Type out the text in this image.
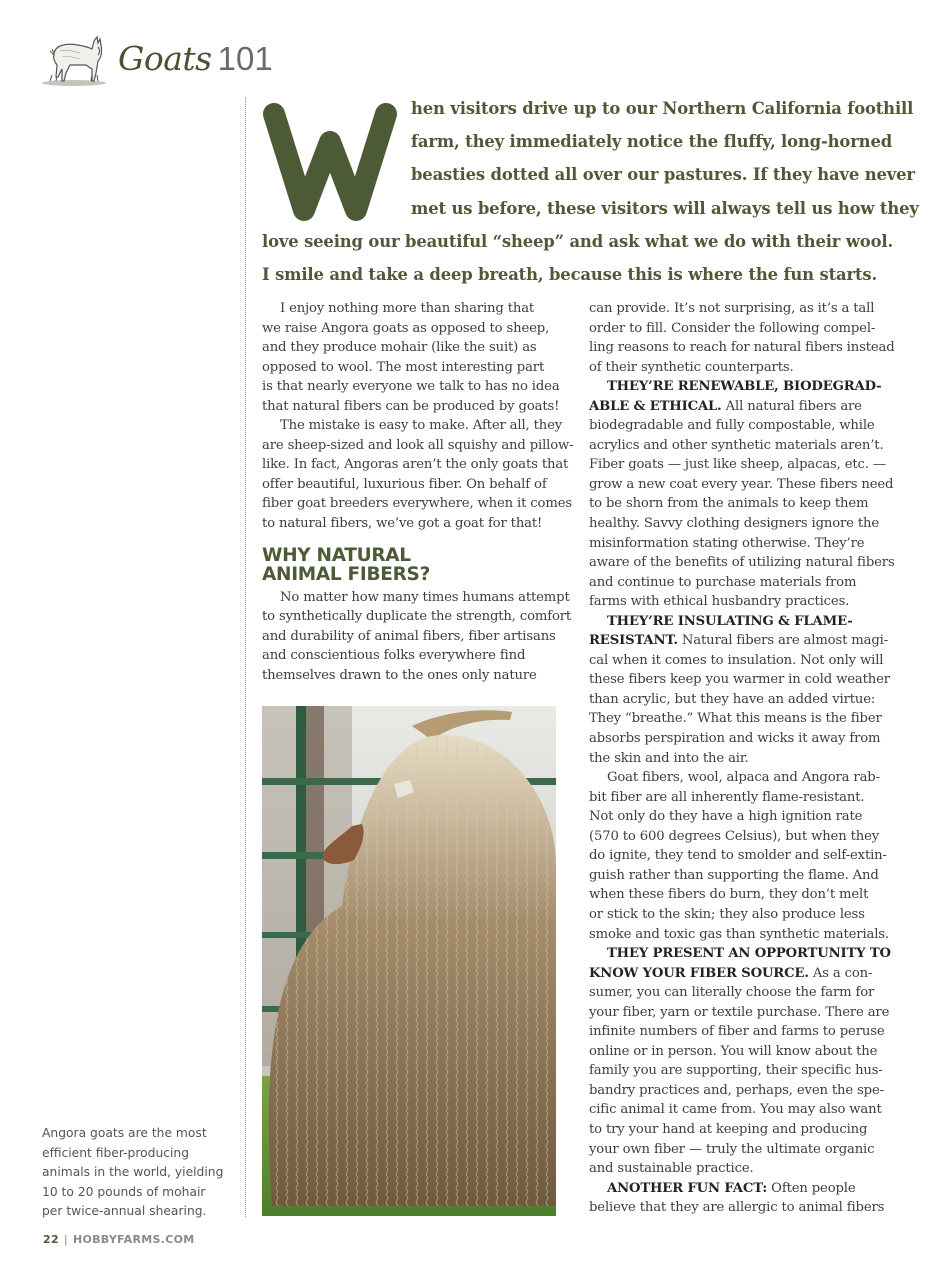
Goats 101
hen visitors drive up to our Northern California foothill
farm, they immediately notice the fluffy, long-horned
beasties dotted all over our pastures. If they have never
met us before, these visitors will always tell us how they
love seeing our beautiful “sheep” and ask what we do with their wool.
I smile and take a deep breath, because this is where the fun starts.
I enjoy nothing more than sharing that
we raise Angora goats as opposed to sheep,
and they produce mohair (like the suit) as
opposed to wool. The most interesting part
is that nearly everyone we talk to has no idea
that natural fibers can be produced by goats!
The mistake is easy to make. After all, they
are sheep-sized and look all squishy and pillow-
like. In fact, Angoras aren’t the only goats that
offer beautiful, luxurious fiber. On behalf of
fiber goat breeders everywhere, when it comes
to natural fibers, we’ve got a goat for that!
WHY NATURAL
ANIMAL FIBERS?
No matter how many times humans attempt
to synthetically duplicate the strength, comfort
and durability of animal fibers, fiber artisans
and conscientious folks everywhere find
themselves drawn to the ones only nature
can provide. It’s not surprising, as it’s a tall
order to fill. Consider the following compel-
ling reasons to reach for natural fibers instead
of their synthetic counterparts.
THEY’RE RENEWABLE, BIODEGRAD-
ABLE & ETHICAL. All natural fibers are
biodegradable and fully compostable, while
acrylics and other synthetic materials aren’t.
Fiber goats — just like sheep, alpacas, etc. —
grow a new coat every year. These fibers need
to be shorn from the animals to keep them
healthy. Savvy clothing designers ignore the
misinformation stating otherwise. They’re
aware of the benefits of utilizing natural fibers
and continue to purchase materials from
farms with ethical husbandry practices.
THEY’RE INSULATING & FLAME-
RESISTANT. Natural fibers are almost magi-
cal when it comes to insulation. Not only will
these fibers keep you warmer in cold weather
than acrylic, but they have an added virtue:
They “breathe.” What this means is the fiber
absorbs perspiration and wicks it away from
the skin and into the air.
Goat fibers, wool, alpaca and Angora rab-
bit fiber are all inherently flame-resistant.
Not only do they have a high ignition rate
(570 to 600 degrees Celsius), but when they
do ignite, they tend to smolder and self-extin-
guish rather than supporting the flame. And
when these fibers do burn, they don’t melt
or stick to the skin; they also produce less
smoke and toxic gas than synthetic materials.
THEY PRESENT AN OPPORTUNITY TO
KNOW YOUR FIBER SOURCE. As a con-
sumer, you can literally choose the farm for
your fiber, yarn or textile purchase. There are
infinite numbers of fiber and farms to peruse
online or in person. You will know about the
family you are supporting, their specific hus-
bandry practices and, perhaps, even the spe-
cific animal it came from. You may also want
to try your hand at keeping and producing
your own fiber — truly the ultimate organic
and sustainable practice.
ANOTHER FUN FACT: Often people
believe that they are allergic to animal fibers
Angora goats are the most
efficient fiber-producing
animals in the world, yielding
10 to 20 pounds of mohair
per twice-annual shearing.
22 | HOBBYFARMS.COM
